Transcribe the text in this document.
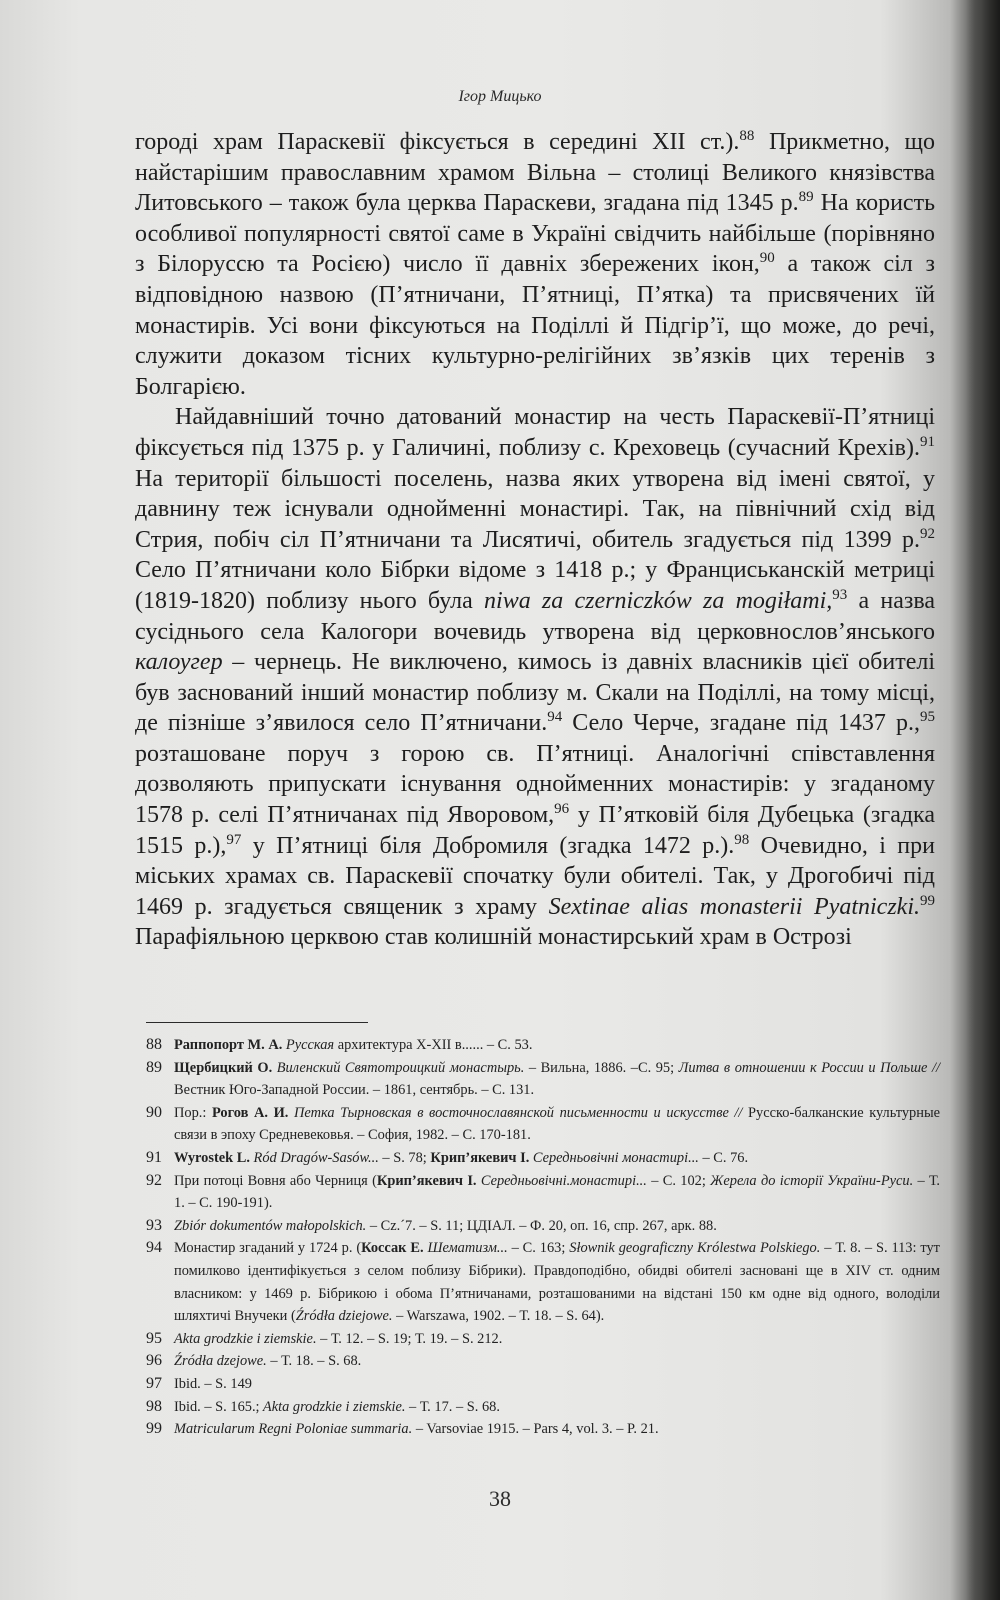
Ігор Мицько

городі храм Параскевії фіксується в середині ХІІ ст.).$^{88}$ Прикметно, що найстарішим православним храмом Вільна – столиці Великого князівства Литовського – також була церква Параскеви, згадана під 1345 р.$^{89}$ На користь особливої популярності святої саме в Україні свідчить найбільше (порівняно з Білоруссю та Росією) число її давніх збережених ікон,$^{90}$ а також сіл з відповідною назвою (П’ятничани, П’ятниці, П’ятка) та присвячених їй монастирів. Усі вони фіксуються на Поділлі й Підгір’ї, що може, до речі, служити доказом тісних культурно-релігійних зв’язків цих теренів з Болгарією.

Найдавніший точно датований монастир на честь Параскевії-П’ятниці фіксується під 1375 р. у Галичині, поблизу с. Креховець (сучасний Крехів).$^{91}$ На території більшості поселень, назва яких утворена від імені святої, у давнину теж існували однойменні монастирі. Так, на північний схід від Стрия, побіч сіл П’ятничани та Лисятичі, обитель згадується під 1399 р.$^{92}$ Село П’ятничани коло Бібрки відоме з 1418 р.; у Франциськанскій метриці (1819-1820) поблизу нього була niwa za czerniczków za mogiłami,$^{93}$ а назва сусіднього села Калогори вочевидь утворена від церковнослов’янського калоугер – чернець. Не виключено, кимось із давніх власників цієї обителі був заснований інший монастир поблизу м. Скали на Поділлі, на тому місці, де пізніше з’явилося село П’ятничани.$^{94}$ Село Черче, згадане під 1437 р.,$^{95}$ розташоване поруч з горою св. П’ятниці. Аналогічні співставлення дозволяють припускати існування однойменних монастирів: у згаданому 1578 р. селі П’ятничанах під Яворовом,$^{96}$ у П’ятковій біля Дубецька (згадка 1515 р.),$^{97}$ у П’ятниці біля Добромиля (згадка 1472 р.).$^{98}$ Очевидно, і при міських храмах св. Параскевії спочатку були обителі. Так, у Дрогобичі під 1469 р. згадується священик з храму Sextinae alias monasterii Pyatniczki.$^{99}$ Парафіяльною церквою став колишній монастирський храм в Острозі

88 Раппопорт М. А. Русская архитектура Х-ХІІ в...... – С. 53.
89 Щербицкий О. Виленский Святотроицкий монастырь. – Вильна, 1886. –С. 95; Литва в отношении к России и Польше // Вестник Юго-Западной России. – 1861, сентябрь. – С. 131.
90 Пор.: Рогов А. И. Петка Тырновская в восточнославянской письменности и искусстве // Русско-балканские культурные связи в эпоху Средневековья. – София, 1982. – С. 170-181.
91 Wyrostek L. Ród Dragów-Sasów... – S. 78; Крип’якевич І. Середньовічні монастирі... – С. 76.
92 При потоці Вовня або Черниця (Крип’якевич І. Середньовічні.монастирі... – С. 102; Жерела до історії України-Руси. – Т. 1. – С. 190-191).
93 Zbiór dokumentów małopolskich. – Cz.ˊ7. – S. 11; ЦДІАЛ. – Ф. 20, оп. 16, спр. 267, арк. 88.
94 Монастир згаданий у 1724 р. (Коссак Е. Шематизм... – С. 163; Słownik geograficzny Królestwa Polskiego. – Т. 8. – S. 113: тут помилково ідентифікується з селом поблизу Бібрики). Правдоподібно, обидві обителі засновані ще в XIV ст. одним власником: у 1469 р. Бібрикою і обома П’ятничанами, розташованими на відстані 150 км одне від одного, володіли шляхтичі Внучеки (Źródła dziejowe. – Warszawa, 1902. – Т. 18. – S. 64).
95 Akta grodzkie i ziemskie. – Т. 12. – S. 19; Т. 19. – S. 212.
96 Źródła dzejowe. – Т. 18. – S. 68.
97 Ibid. – S. 149
98 Ibid. – S. 165.; Akta grodzkie i ziemskie. – Т. 17. – S. 68.
99 Matricularum Regni Poloniae summaria. – Varsoviae 1915. – Pars 4, vol. 3. – P. 21.
38
